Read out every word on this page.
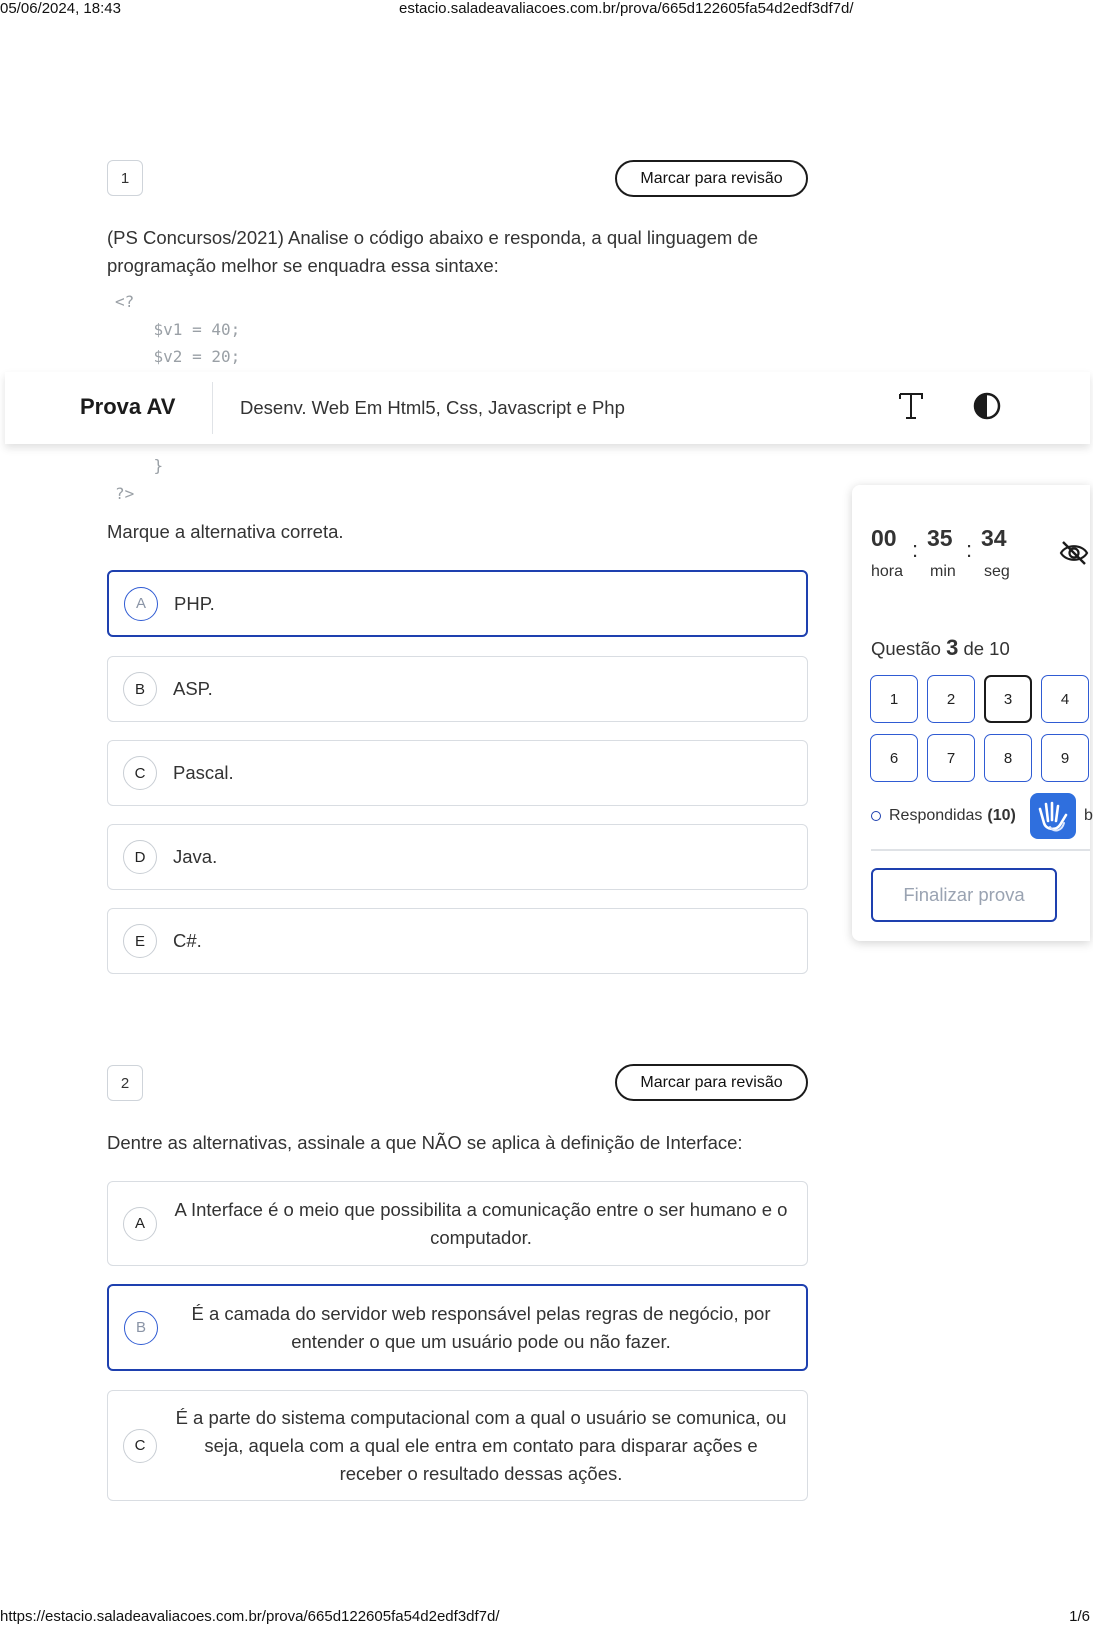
05/06/2024, 18:43	estacio.saladeavaliacoes.com.br/prova/665d122605fa54d2edf3df7d/
1	Marcar para revisão
(PS Concursos/2021) Analise o código abaixo e responda, a qual linguagem de programação melhor se enquadra essa sintaxe:
<?
$v1 = 40;
$v2 = 20;
}
?>
Marque a alternativa correta.
A	PHP.
B	ASP.
C	Pascal.
D	Java.
E	C#.
2	Marcar para revisão
Dentre as alternativas, assinale a que NÃO se aplica à definição de Interface:
A
A Interface é o meio que possibilita a comunicação entre o ser humano e o computador.
B
É a camada do servidor web responsável pelas regras de negócio, por entender o que um usuário pode ou não fazer.
C
É a parte do sistema computacional com a qual o usuário se comunica, ou seja, aquela com a qual ele entra em contato para disparar ações e receber o resultado dessas ações.
Prova AV	Desenv. Web Em Html5, Css, Javascript e Php
00 : 35 : 34
hora min seg
Questão 3 de 10
1	2	3	4
6	7	8	9
Respondidas (10)	b
Finalizar prova
https://estacio.saladeavaliacoes.com.br/prova/665d122605fa54d2edf3df7d/	1/6
